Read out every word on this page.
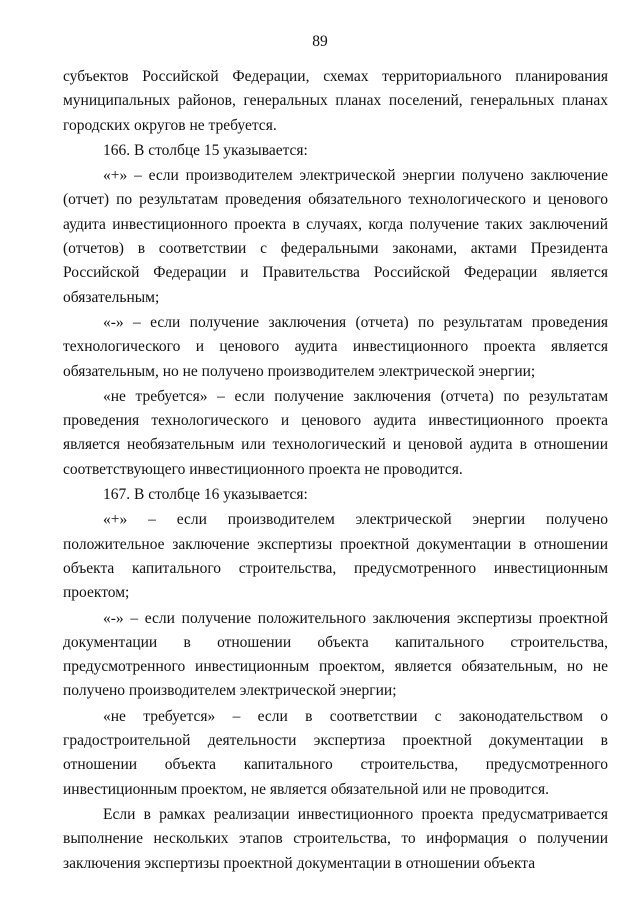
89

субъектов Российской Федерации, схемах территориального планирования муниципальных районов, генеральных планах поселений, генеральных планах городских округов не требуется.

166. В столбце 15 указывается:

«+» – если производителем электрической энергии получено заключение (отчет) по результатам проведения обязательного технологического и ценового аудита инвестиционного проекта в случаях, когда получение таких заключений (отчетов) в соответствии с федеральными законами, актами Президента Российской Федерации и Правительства Российской Федерации является обязательным;

«-» – если получение заключения (отчета) по результатам проведения технологического и ценового аудита инвестиционного проекта является обязательным, но не получено производителем электрической энергии;

«не требуется» – если получение заключения (отчета) по результатам проведения технологического и ценового аудита инвестиционного проекта является необязательным или технологический и ценовой аудита в отношении соответствующего инвестиционного проекта не проводится.

167. В столбце 16 указывается:

«+» – если производителем электрической энергии получено положительное заключение экспертизы проектной документации в отношении объекта капитального строительства, предусмотренного инвестиционным проектом;

«-» – если получение положительного заключения экспертизы проектной документации в отношении объекта капитального строительства, предусмотренного инвестиционным проектом, является обязательным, но не получено производителем электрической энергии;

«не требуется» – если в соответствии с законодательством о градостроительной деятельности экспертиза проектной документации в отношении объекта капитального строительства, предусмотренного инвестиционным проектом, не является обязательной или не проводится.

Если в рамках реализации инвестиционного проекта предусматривается выполнение нескольких этапов строительства, то информация о получении заключения экспертизы проектной документации в отношении объекта
